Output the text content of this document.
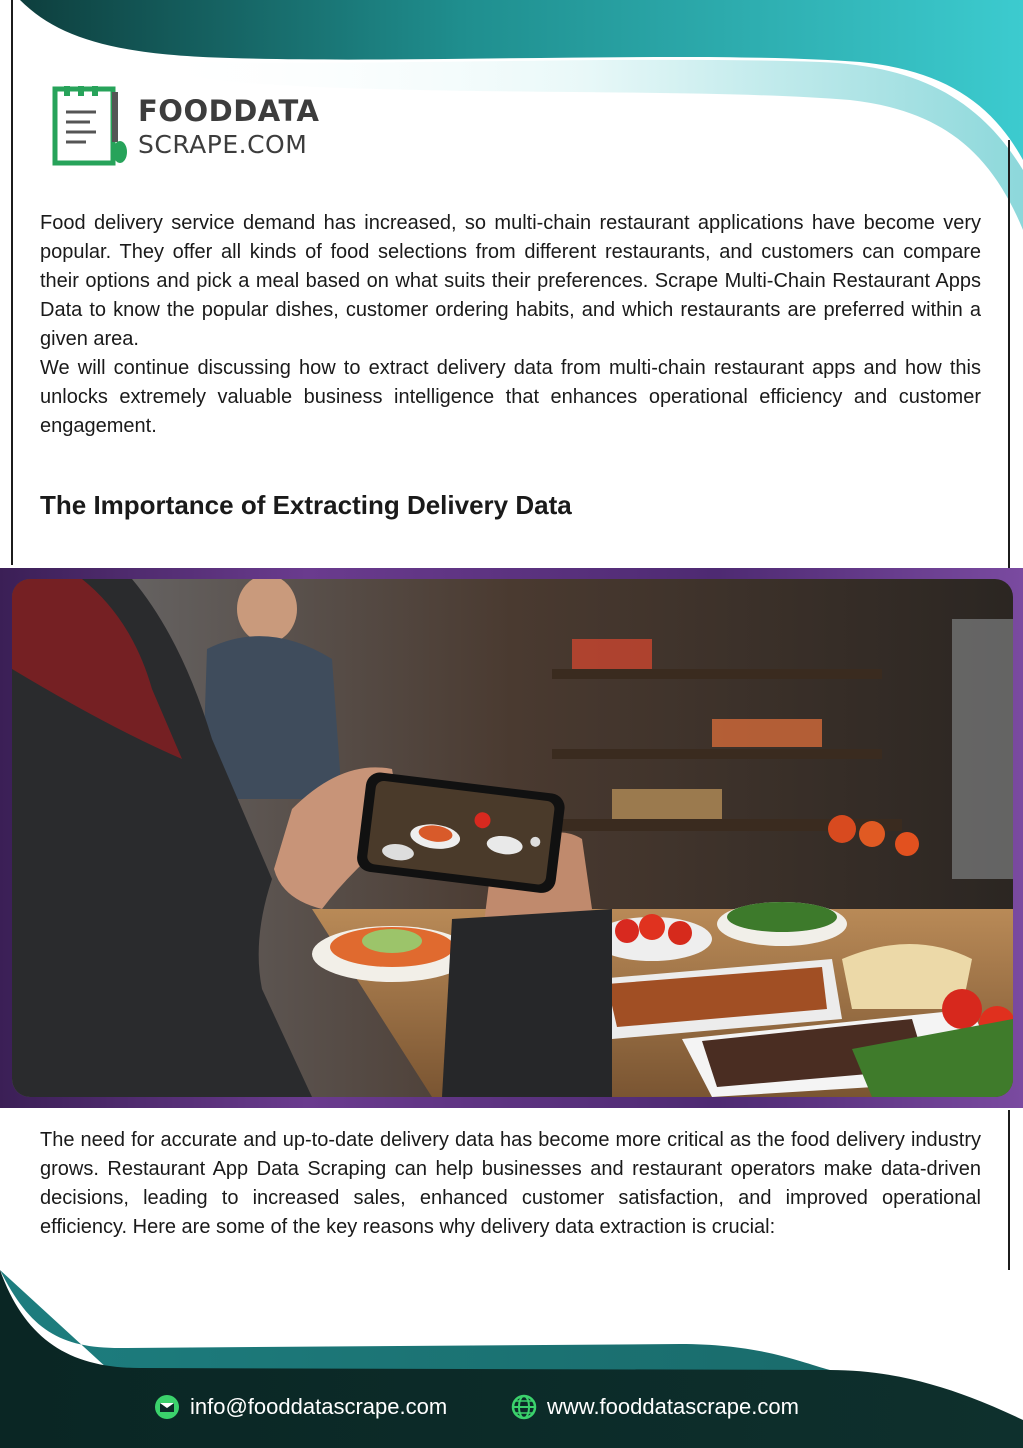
FOODDATA
SCRAPE.COM

Food delivery service demand has increased, so multi-chain restaurant applications have become very popular. They offer all kinds of food selections from different restaurants, and customers can compare their options and pick a meal based on what suits their preferences. Scrape Multi-Chain Restaurant Apps Data to know the popular dishes, customer ordering habits, and which restaurants are preferred within a given area.

We will continue discussing how to extract delivery data from multi-chain restaurant apps and how this unlocks extremely valuable business intelligence that enhances operational efficiency and customer engagement.

The Importance of Extracting Delivery Data

The need for accurate and up-to-date delivery data has become more critical as the food delivery industry grows. Restaurant App Data Scraping can help businesses and restaurant operators make data-driven decisions, leading to increased sales, enhanced customer satisfaction, and improved operational efficiency. Here are some of the key reasons why delivery data extraction is crucial:

info@fooddatascrape.com	www.fooddatascrape.com
